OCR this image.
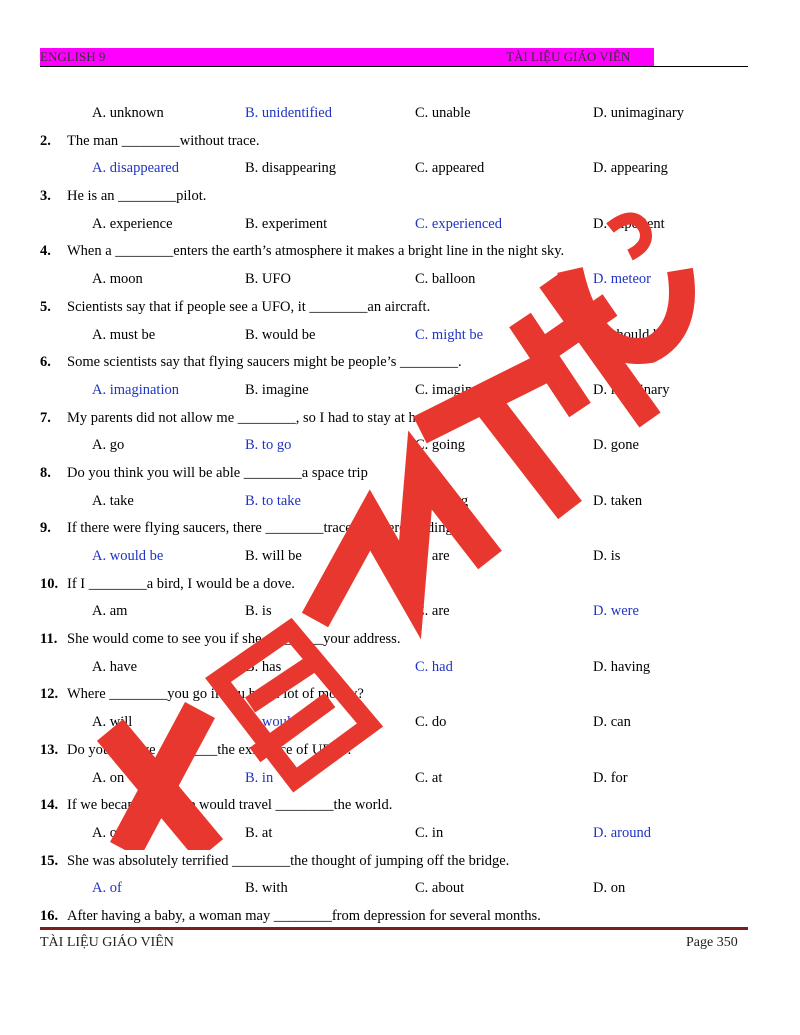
ENGLISH 9	TÀI LIỆU GIÁO VIÊN
A. unknown	B. unidentified	C. unable	D. unimaginary
2. The man ________without trace.
A. disappeared	B. disappearing	C. appeared	D. appearing
3. He is an ________pilot.
A. experience	B. experiment	C. experienced	D. experient
4. When a ________enters the earth’s atmosphere it makes a bright line in the night sky.
A. moon	B. UFO	C. balloon	D. meteor
5. Scientists say that if people see a UFO, it ________an aircraft.
A. must be	B. would be	C. might be	D. should be
6. Some scientists say that flying saucers might be people’s ________.
A. imagination	B. imagine	C. imaginative	D. imaginary
7. My parents did not allow me ________, so I had to stay at home.
A. go	B. to go	C. going	D. gone
8. Do you think you will be able ________a space trip
A. take	B. to take	C. taking	D. taken
9. If there were flying saucers, there ________traces of there landing.
A. would be	B. will be	C. are	D. is
10. If I ________a bird, I would be a dove.
A. am	B. is	C. are	D. were
11. She would come to see you if she ________your address.
A. have	B. has	C. had	D. having
12. Where ________you go if you had a lot of money?
A. will	B. would	C. do	D. can
13. Do you believe ________the existence of UFOs?
A. on	B. in	C. at	D. for
14. If we became rich, we would travel ________the world.
A. on	B. at	C. in	D. around
15. She was absolutely terrified ________the thought of jumping off the bridge.
A. of	B. with	C. about	D. on
16. After having a baby, a woman may ________from depression for several months.
TÀI LIỆU GIÁO VIÊN	Page 350
